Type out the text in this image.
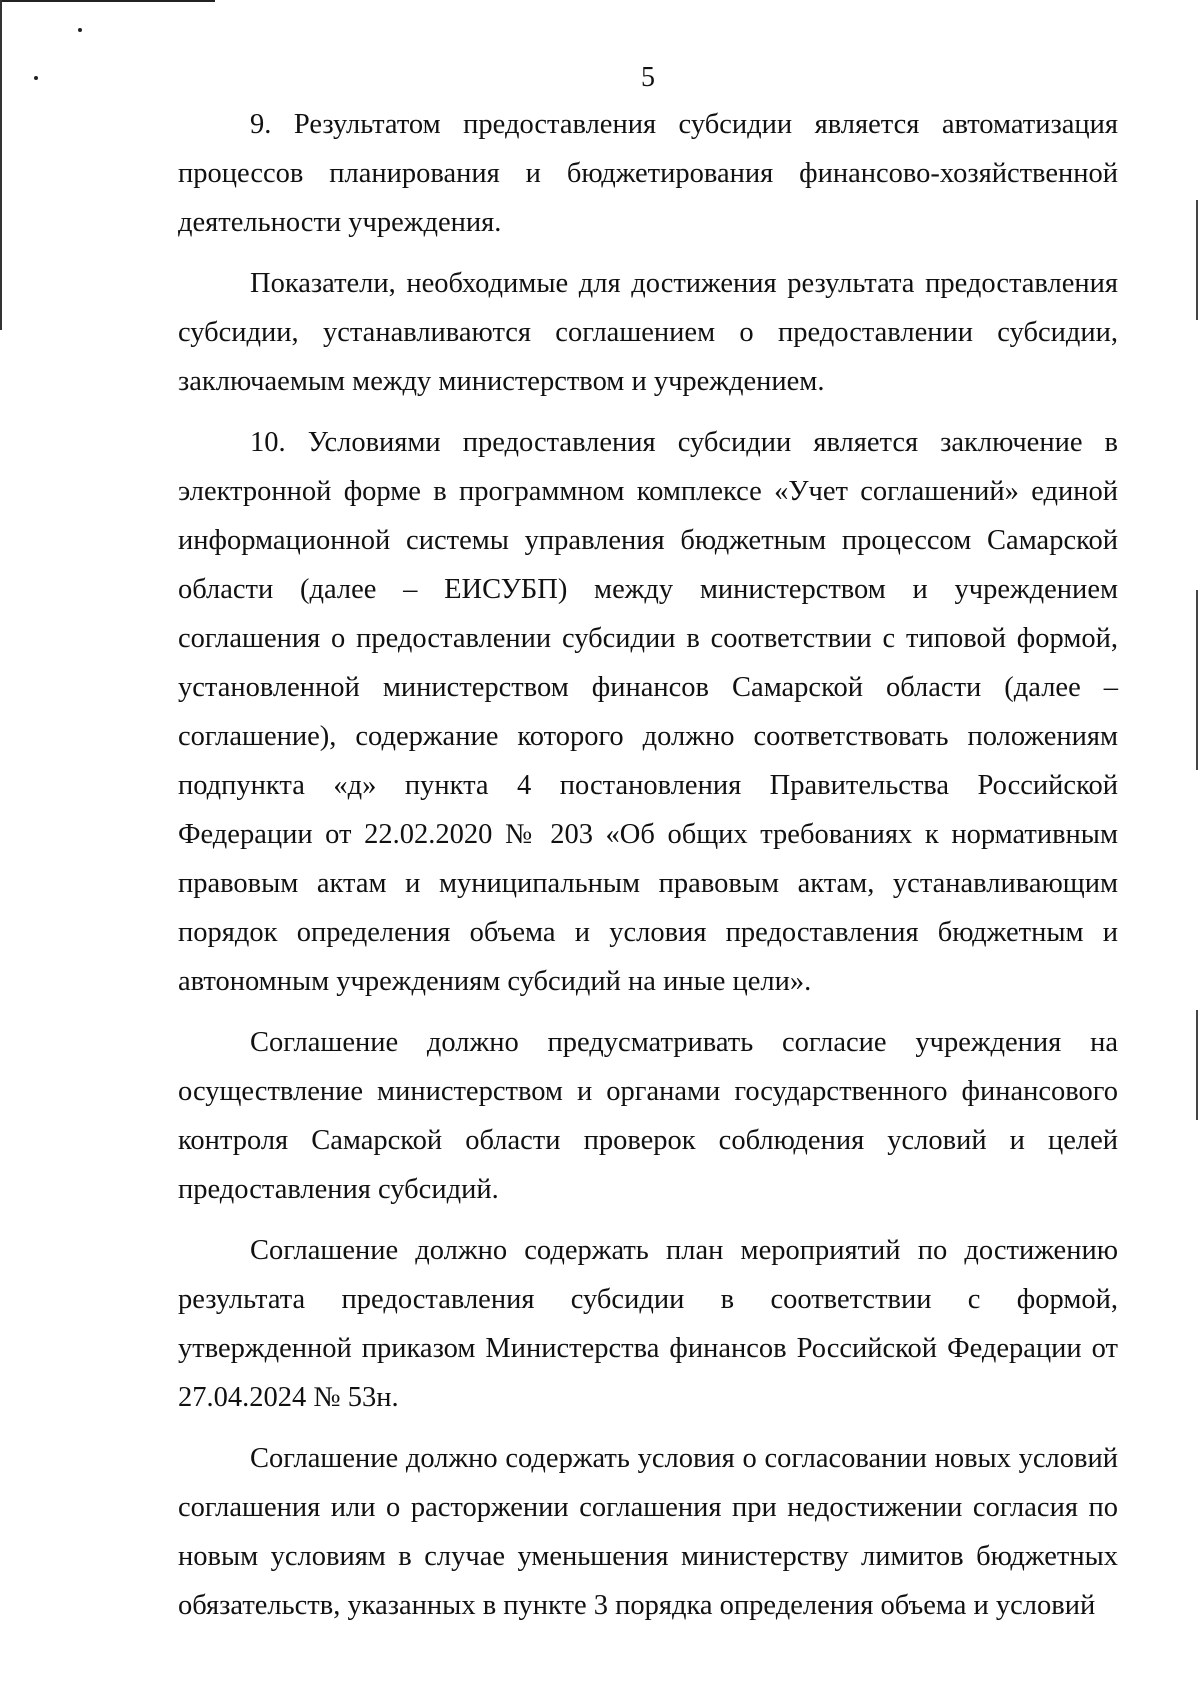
5

9. Результатом предоставления субсидии является автоматизация процессов планирования и бюджетирования финансово-хозяйственной деятельности учреждения.

Показатели, необходимые для достижения результата предоставления субсидии, устанавливаются соглашением о предоставлении субсидии, заключаемым между министерством и учреждением.

10. Условиями предоставления субсидии является заключение в электронной форме в программном комплексе «Учет соглашений» единой информационной системы управления бюджетным процессом Самарской области (далее – ЕИСУБП) между министерством и учреждением соглашения о предоставлении субсидии в соответствии с типовой формой, установленной министерством финансов Самарской области (далее – соглашение), содержание которого должно соответствовать положениям подпункта «д» пункта 4 постановления Правительства Российской Федерации от 22.02.2020 № 203 «Об общих требованиях к нормативным правовым актам и муниципальным правовым актам, устанавливающим порядок определения объема и условия предоставления бюджетным и автономным учреждениям субсидий на иные цели».

Соглашение должно предусматривать согласие учреждения на осуществление министерством и органами государственного финансового контроля Самарской области проверок соблюдения условий и целей предоставления субсидий.

Соглашение должно содержать план мероприятий по достижению результата предоставления субсидии в соответствии с формой, утвержденной приказом Министерства финансов Российской Федерации от 27.04.2024 № 53н.

Соглашение должно содержать условия о согласовании новых условий соглашения или о расторжении соглашения при недостижении согласия по новым условиям в случае уменьшения министерству лимитов бюджетных обязательств, указанных в пункте 3 порядка определения объема и условий
